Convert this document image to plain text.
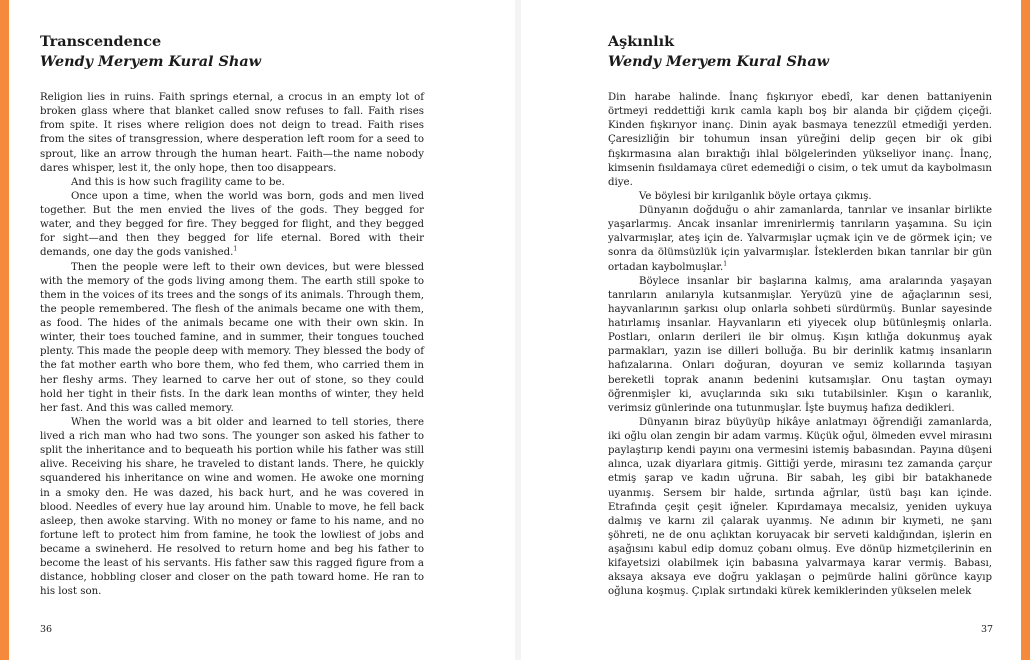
Transcendence
Wendy Meryem Kural Shaw

Religion lies in ruins. Faith springs eternal, a crocus in an empty lot of broken glass where that blanket called snow refuses to fall. Faith rises from spite. It rises where religion does not deign to tread. Faith rises from the sites of transgression, where desperation left room for a seed to sprout, like an arrow through the human heart. Faith—the name nobody dares whisper, lest it, the only hope, then too disappears.

And this is how such fragility came to be.

Once upon a time, when the world was born, gods and men lived together. But the men envied the lives of the gods. They begged for water, and they begged for fire. They begged for flight, and they begged for sight—and then they begged for life eternal. Bored with their demands, one day the gods vanished.$^1$

Then the people were left to their own devices, but were blessed with the memory of the gods living among them. The earth still spoke to them in the voices of its trees and the songs of its animals. Through them, the people remembered. The flesh of the animals became one with them, as food. The hides of the animals became one with their own skin. In winter, their toes touched famine, and in summer, their tongues touched plenty. This made the people deep with memory. They blessed the body of the fat mother earth who bore them, who fed them, who carried them in her fleshy arms. They learned to carve her out of stone, so they could hold her tight in their fists. In the dark lean months of winter, they held her fast. And this was called memory.

When the world was a bit older and learned to tell stories, there lived a rich man who had two sons. The younger son asked his father to split the inheritance and to bequeath his portion while his father was still alive. Receiving his share, he traveled to distant lands. There, he quickly squandered his inheritance on wine and women. He awoke one morning in a smoky den. He was dazed, his back hurt, and he was covered in blood. Needles of every hue lay around him. Unable to move, he fell back asleep, then awoke starving. With no money or fame to his name, and no fortune left to protect him from famine, he took the lowliest of jobs and became a swineherd. He resolved to return home and beg his father to become the least of his servants. His father saw this ragged figure from a distance, hobbling closer and closer on the path toward home. He ran to his lost son.

Aşkınlık
Wendy Meryem Kural Shaw

Din harabe halinde. İnanç fışkırıyor ebedî, kar denen battaniyenin örtmeyi reddettiği kırık camla kaplı boş bir alanda bir çiğdem çiçeği. Kinden fışkırıyor inanç. Dinin ayak basmaya tenezzül etmediği yerden. Çaresizliğin bir tohumun insan yüreğini delip geçen bir ok gibi fışkırmasına alan bıraktığı ihlal bölgelerinden yükseliyor inanç. İnanç, kimsenin fısıldamaya cüret edemediği o cisim, o tek umut da kaybolmasın diye.

Ve böylesi bir kırılganlık böyle ortaya çıkmış.

Dünyanın doğduğu o ahir zamanlarda, tanrılar ve insanlar birlikte yaşarlarmış. Ancak insanlar imrenirlermiş tanrıların yaşamına. Su için yalvarmışlar, ateş için de. Yalvarmışlar uçmak için ve de görmek için; ve sonra da ölümsüzlük için yalvarmışlar. İsteklerden bıkan tanrılar bir gün ortadan kaybolmuşlar.$^1$

Böylece insanlar bir başlarına kalmış, ama aralarında yaşayan tanrıların anılarıyla kutsanmışlar. Yeryüzü yine de ağaçlarının sesi, hayvanlarının şarkısı olup onlarla sohbeti sürdürmüş. Bunlar sayesinde hatırlamış insanlar. Hayvanların eti yiyecek olup bütünleşmiş onlarla. Postları, onların derileri ile bir olmuş. Kışın kıtlığa dokunmuş ayak parmakları, yazın ise dilleri bolluğa. Bu bir derinlik katmış insanların hafızalarına. Onları doğuran, doyuran ve semiz kollarında taşıyan bereketli toprak ananın bedenini kutsamışlar. Onu taştan oymayı öğrenmişler ki, avuçlarında sıkı sıkı tutabilsinler. Kışın o karanlık, verimsiz günlerinde ona tutunmuşlar. İşte buymuş hafıza dedikleri.

Dünyanın biraz büyüyüp hikâye anlatmayı öğrendiği zamanlarda, iki oğlu olan zengin bir adam varmış. Küçük oğul, ölmeden evvel mirasını paylaştırıp kendi payını ona vermesini istemiş babasından. Payına düşeni alınca, uzak diyarlara gitmiş. Gittiği yerde, mirasını tez zamanda çarçur etmiş şarap ve kadın uğruna. Bir sabah, leş gibi bir batakhanede uyanmış. Sersem bir halde, sırtında ağrılar, üstü başı kan içinde. Etrafında çeşit çeşit iğneler. Kıpırdamaya mecalsiz, yeniden uykuya dalmış ve karnı zil çalarak uyanmış. Ne adının bir kıymeti, ne şanı şöhreti, ne de onu açlıktan koruyacak bir serveti kaldığından, işlerin en aşağısını kabul edip domuz çobanı olmuş. Eve dönüp hizmetçilerinin en kifayetsizi olabilmek için babasına yalvarmaya karar vermiş. Babası, aksaya aksaya eve doğru yaklaşan o pejmürde halini görünce kayıp oğluna koşmuş. Çıplak sırtındaki kürek kemiklerinden yükselen melek

36	37
